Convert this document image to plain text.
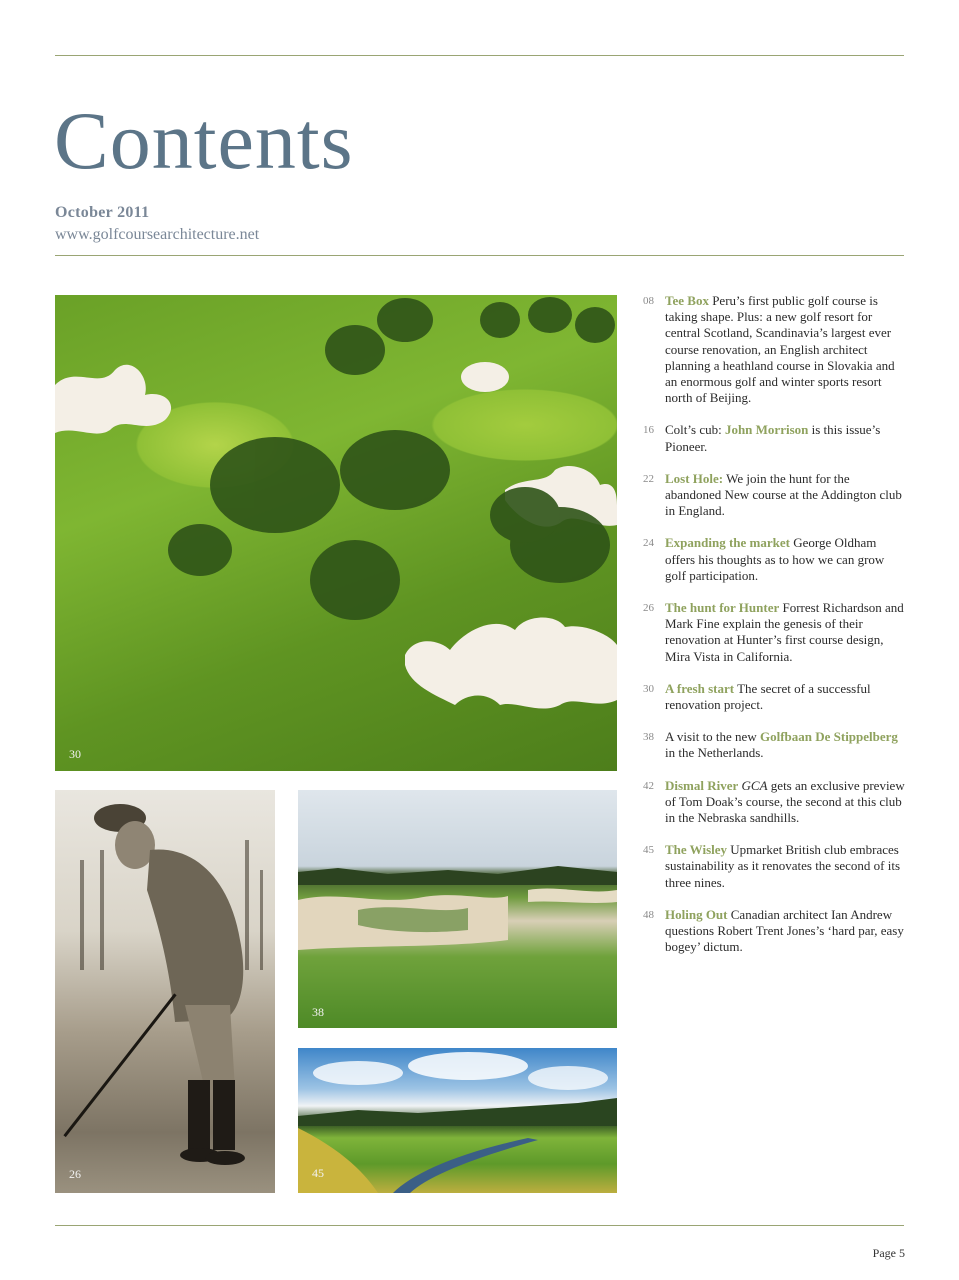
Contents
October 2011
www.golfcoursearchitecture.net
30
26
38
45
08 Tee Box Peru’s first public golf course is taking shape. Plus: a new golf resort for central Scotland, Scandinavia’s largest ever course renovation, an English architect planning a heathland course in Slovakia and an enormous golf and winter sports resort north of Beijing.
16 Colt’s cub: John Morrison is this issue’s Pioneer.
22 Lost Hole: We join the hunt for the abandoned New course at the Addington club in England.
24 Expanding the market George Oldham offers his thoughts as to how we can grow golf participation.
26 The hunt for Hunter Forrest Richardson and Mark Fine explain the genesis of their renovation at Hunter’s first course design, Mira Vista in California.
30 A fresh start The secret of a successful renovation project.
38 A visit to the new Golfbaan De Stippelberg in the Netherlands.
42 Dismal River GCA gets an exclusive preview of Tom Doak’s course, the second at this club in the Nebraska sandhills.
45 The Wisley Upmarket British club embraces sustainability as it renovates the second of its three nines.
48 Holing Out Canadian architect Ian Andrew questions Robert Trent Jones’s ‘hard par, easy bogey’ dictum.
Page 5
